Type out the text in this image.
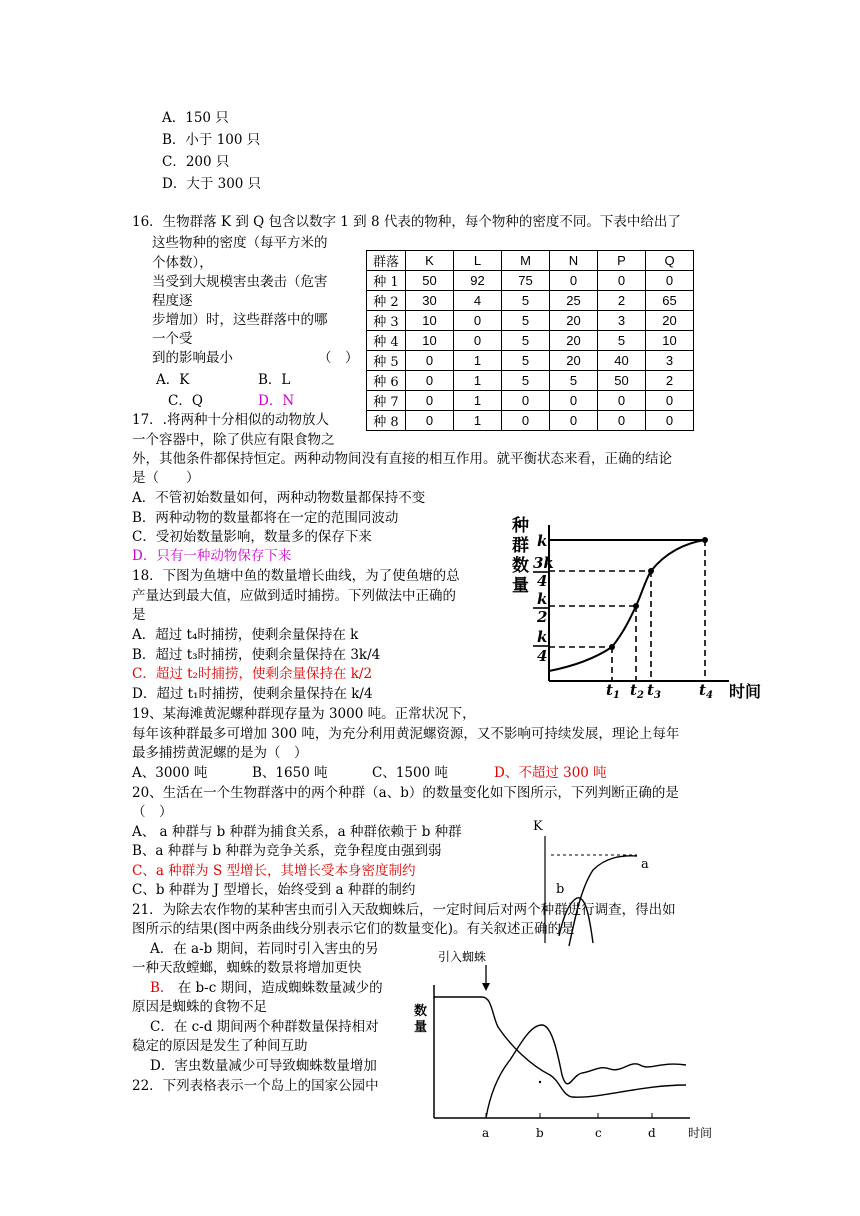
A．150 只
B．小于 100 只
C．200 只
D．大于 300 只
16．生物群落 K 到 Q 包含以数字 1 到 8 代表的物种，每个物种的密度不同。下表中给出了
这些物种的密度（每平方米的
个体数），
当受到大规模害虫袭击（危害
程度逐
步增加）时，这些群落中的哪
一个受
到的影响最小	（　）
A．K	B．L
C．Q	D．N
群落	K	L	M	N	P	Q
种 1	50	92	75	0	0	0
种 2	30	4	5	25	2	65
种 3	10	0	5	20	3	20
种 4	10	0	5	20	5	10
种 5	0	1	5	20	40	3
种 6	0	1	5	5	50	2
种 7	0	1	0	0	0	0
种 8	0	1	0	0	0	0
17．.将两种十分相似的动物放人
一个容器中，除了供应有限食物之
外，其他条件都保持恒定。两种动物间没有直接的相互作用。就平衡状态来看，正确的结论
是（　　）
A．不管初始数量如何，两种动物数量都保持不变
B．两种动物的数量都将在一定的范围同波动
C．受初始数量影响，数量多的保存下来
D．只有一种动物保存下来
18．下图为鱼塘中鱼的数量增长曲线，为了使鱼塘的总
产量达到最大值，应做到适时捕捞。下列做法中正确的
是
A．超过 t₄时捕捞，使剩余量保持在 k
B．超过 t₃时捕捞，使剩余量保持在 3k/4
C．超过 t₂时捕捞，使剩余量保持在 k/2
D．超过 t₁时捕捞，使剩余量保持在 k/4
种
群
数
量
k
3k
4
k
2
k
4
$t_1$ $t_2$ $t_3$	$t_4$ 时间
19、某海滩黄泥螺种群现存量为 3000 吨。正常状况下，
每年该种群最多可增加 300 吨，为充分利用黄泥螺资源，又不影响可持续发展，理论上每年
最多捕捞黄泥螺的是为（　）
A、3000 吨	B、1650 吨	C、1500 吨	D、不超过 300 吨
20、生活在一个生物群落中的两个种群（a、b）的数量变化如下图所示，下列判断正确的是
（　）
A、 a 种群与 b 种群为捕食关系，a 种群依赖于 b 种群
B、a 种群与 b 种群为竞争关系，竞争程度由强到弱
C、a 种群为 S 型增长，其增长受本身密度制约
C、b 种群为 J 型增长，始终受到 a 种群的制约
K
a
b
21．为除去农作物的某种害虫而引入天敌蜘蛛后，一定时间后对两个种群进行调查，得出如
图所示的结果(图中两条曲线分别表示它们的数量变化)。有关叙述正确的是
A．在 a-b 期间，若同时引入害虫的另
一种天敌螳螂，蜘蛛的数景将增加更快
B.　在 b-c 期间，造成蜘蛛数量减少的
原因是蜘蛛的食物不足
C．在 c-d 期间两个种群数量保持相对
稳定的原因是发生了种间互助
D．害虫数量减少可导致蜘蛛数量增加
22．下列表格表示一个岛上的国家公园中
引入蜘蛛
数
量
a	b	c	d	时间
